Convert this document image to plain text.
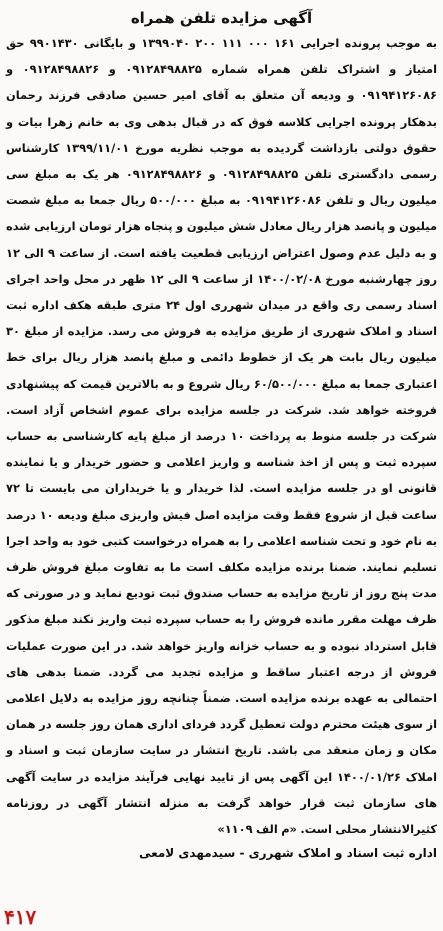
آگهی مزایده تلفن همراه
به موجب پرونده اجرایی ۱۶۱ ۰۰۰ ۱۱۱ ۲۰۰ ۱۳۹۹۰۴۰ و بایگانی ۹۹۰۱۴۳۰ حق امتیاز و اشتراک تلفن همراه شماره ۰۹۱۲۸۴۹۸۸۲۵ و ۰۹۱۲۸۴۹۸۸۲۶ و ۰۹۱۹۴۱۲۶۰۸۶ و ودیعه آن متعلق به آقای امیر حسین صادقی فرزند رحمان بدهکار پرونده اجرایی کلاسه فوق که در قبال بدهی وی به خانم زهرا بیات و حقوق دولتی بازداشت گردیده به موجب نظریه مورخ ۱۳۹۹/۱۱/۰۱ کارشناس رسمی دادگستری تلفن ۰۹۱۲۸۴۹۸۸۲۵ و ۰۹۱۲۸۴۹۸۸۲۶ هر یک به مبلغ سی میلیون ریال و تلفن ۰۹۱۹۴۱۲۶۰۸۶ به مبلغ ۵۰۰/۰۰۰ ریال جمعا به مبلغ شصت میلیون و پانصد هزار ریال معادل شش میلیون و پنجاه هزار تومان ارزیابی شده و به دلیل عدم وصول اعتراض ارزیابی قطعیت یافته است. از ساعت ۹ الی ۱۲ روز چهارشنبه مورخ ۱۴۰۰/۰۲/۰۸ از ساعت ۹ الی ۱۲ ظهر در محل واحد اجرای اسناد رسمی ری واقع در میدان شهرری اول ۲۴ متری طبقه هکف اداره ثبت اسناد و املاک شهرری از طریق مزایده به فروش می رسد. مزایده از مبلغ ۳۰ میلیون ریال بابت هر یک از خطوط دائمی و مبلغ پانصد هزار ریال برای خط اعتباری جمعا به مبلغ ۶۰/۵۰۰/۰۰۰ ریال شروع و به بالاترین قیمت که پیشنهادی فروخته خواهد شد. شرکت در جلسه مزایده برای عموم اشخاص آزاد است. شرکت در جلسه منوط به پرداخت ۱۰ درصد از مبلغ پایه کارشناسی به حساب سپرده ثبت و پس از اخذ شناسه و واریز اعلامی و حضور خریدار و یا نماینده قانونی او در جلسه مزایده است. لذا خریدار و یا خریداران می بایست تا ۷۲ ساعت قبل از شروع فقط وقت مزایده اصل فیش واریزی مبلغ ودیعه ۱۰ درصد به نام خود و تحت شناسه اعلامی را به همراه درخواست کتبی خود به واحد اجرا تسلیم نمایند. ضمنا برنده مزایده مکلف است ما به تفاوت مبلغ فروش ظرف مدت پنج روز از تاریخ مزایده به حساب صندوق ثبت تودیع نماید و در صورتی که ظرف مهلت مقرر مانده فروش را به حساب سپرده ثبت واریز نکند مبلغ مذکور قابل استرداد نبوده و به حساب خزانه واریز خواهد شد. در این صورت عملیات فروش از درجه اعتبار ساقط و مزایده تجدید می گردد. ضمنا بدهی های احتمالی به عهده برنده مزایده است. ضمناً چنانچه روز مزایده به دلایل اعلامی از سوی هیئت محترم دولت تعطیل گردد فردای اداری همان روز جلسه در همان مکان و زمان منعقد می باشد. تاریخ انتشار در سایت سازمان ثبت و اسناد و املاک ۱۴۰۰/۰۱/۲۶ این آگهی پس از تایید نهایی فرآیند مزایده در سایت آگهی های سازمان ثبت قرار خواهد گرفت به منزله انتشار آگهی در روزنامه کثیرالانتشار محلی است. «م الف ۱۱۰۹»
اداره ثبت اسناد و املاک شهرری - سیدمهدی لامعی
۴۱۷
